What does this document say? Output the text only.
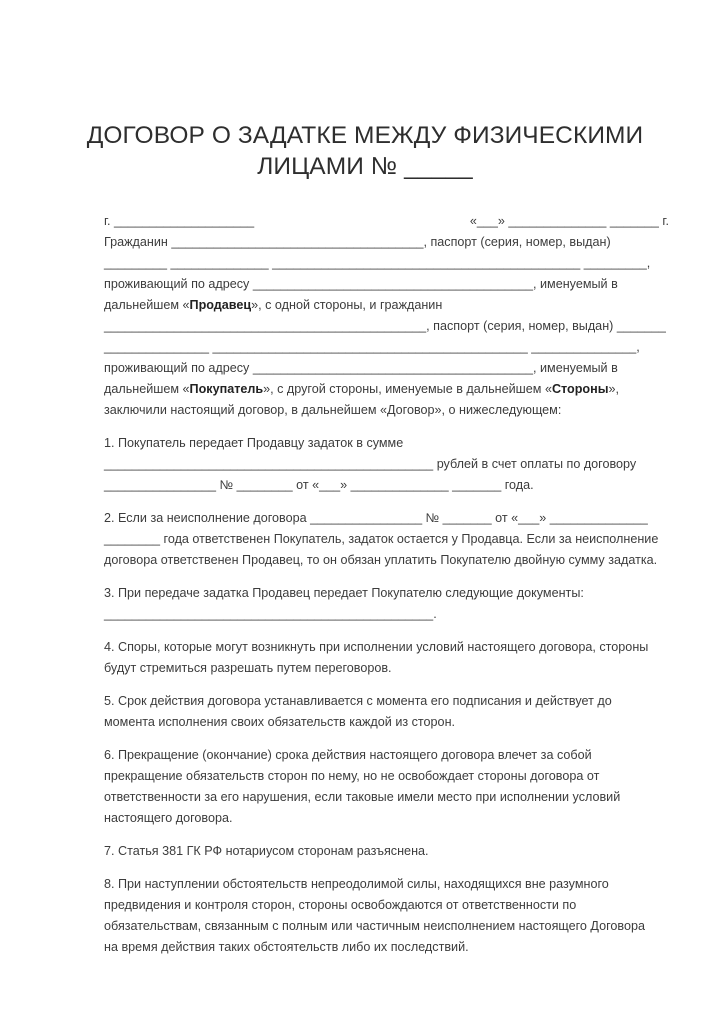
ДОГОВОР О ЗАДАТКЕ МЕЖДУ ФИЗИЧЕСКИМИ
ЛИЦАМИ № _____
г. ____________________	«___» ______________ _______ г.
Гражданин ____________________________________, паспорт (серия, номер, выдан)
_________ ______________ ____________________________________________ _________,
проживающий по адресу ________________________________________, именуемый в
дальнейшем «Продавец», с одной стороны, и гражданин
______________________________________________, паспорт (серия, номер, выдан) _______
_______________ _____________________________________________ _______________,
проживающий по адресу ________________________________________, именуемый в
дальнейшем «Покупатель», с другой стороны, именуемые в дальнейшем «Стороны»,
заключили настоящий договор, в дальнейшем «Договор», о нижеследующем:
1. Покупатель передает Продавцу задаток в сумме
_______________________________________________ рублей в счет оплаты по договору
________________ № ________ от «___» ______________ _______ года.
2. Если за неисполнение договора ________________ № _______ от «___» ______________
________ года ответственен Покупатель, задаток остается у Продавца. Если за неисполнение
договора ответственен Продавец, то он обязан уплатить Покупателю двойную сумму задатка.
3. При передаче задатка Продавец передает Покупателю следующие документы:
_______________________________________________.
4. Споры, которые могут возникнуть при исполнении условий настоящего договора, стороны
будут стремиться разрешать путем переговоров.
5. Срок действия договора устанавливается с момента его подписания и действует до
момента исполнения своих обязательств каждой из сторон.
6. Прекращение (окончание) срока действия настоящего договора влечет за собой
прекращение обязательств сторон по нему, но не освобождает стороны договора от
ответственности за его нарушения, если таковые имели место при исполнении условий
настоящего договора.
7. Статья 381 ГК РФ нотариусом сторонам разъяснена.
8. При наступлении обстоятельств непреодолимой силы, находящихся вне разумного
предвидения и контроля сторон, стороны освобождаются от ответственности по
обязательствам, связанным с полным или частичным неисполнением настоящего Договора
на время действия таких обстоятельств либо их последствий.
